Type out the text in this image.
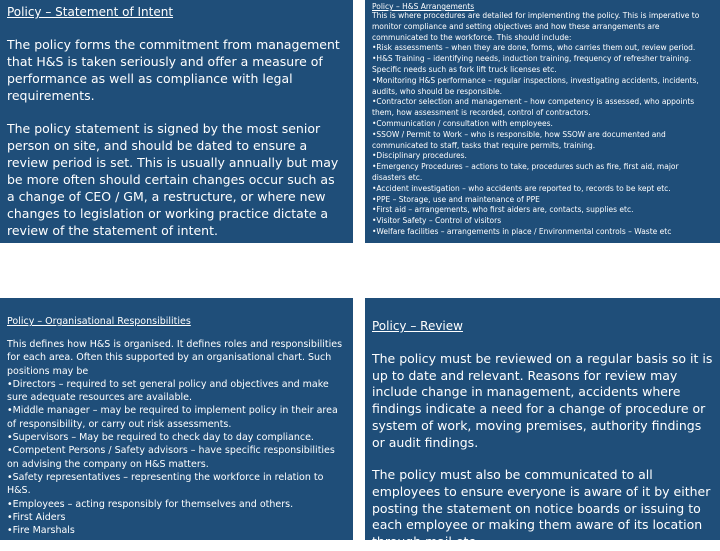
Policy – Statement of Intent

The policy forms the commitment from management that H&S is taken seriously and offer a measure of performance as well as compliance with legal requirements.

The policy statement is signed by the most senior person on site, and should be dated to ensure a review period is set. This is usually annually but may be more often should certain changes occur such as a change of CEO / GM, a restructure, or where new changes to legislation or working practice dictate a review of the statement of intent.

Policy – H&S Arrangements

This is where procedures are detailed for implementing the policy. This is imperative to monitor compliance and setting objectives and how these arrangements are communicated to the workforce. This should include:

•Risk assessments – when they are done, forms, who carries them out, review period.

•H&S Training – identifying needs, induction training, frequency of refresher training. Specific needs such as fork lift truck licenses etc.

•Monitoring H&S performance – regular inspections, investigating accidents, incidents, audits, who should be responsible.

•Contractor selection and management – how competency is assessed, who appoints them, how assessment is recorded, control of contractors.

•Communication / consultation with employees.

•SSOW / Permit to Work – who is responsible, how SSOW are documented and communicated to staff, tasks that require permits, training.

•Disciplinary procedures.

•Emergency Procedures – actions to take, procedures such as fire, first aid, major disasters etc.

•Accident investigation – who accidents are reported to, records to be kept etc.

•PPE – Storage, use and maintenance of PPE

•First aid – arrangements, who first aiders are, contacts, supplies etc.

•Visitor Safety – Control of visitors

•Welfare facilities – arrangements in place / Environmental controls – Waste etc

Policy – Organisational Responsibilities

This defines how H&S is organised. It defines roles and responsibilities for each area. Often this supported by an organisational chart. Such positions may be

•Directors – required to set general policy and objectives and make sure adequate resources are available.

•Middle manager – may be required to implement policy in their area of responsibility, or carry out risk assessments.

•Supervisors – May be required to check day to day compliance.

•Competent Persons / Safety advisors – have specific responsibilities on advising the company on H&S matters.

•Safety representatives – representing the workforce in relation to H&S.

•Employees – acting responsibly for themselves and others.

•First Aiders

•Fire Marshals

Policy – Review

The policy must be reviewed on a regular basis so it is up to date and relevant. Reasons for review may include change in management, accidents where findings indicate a need for a change of procedure or system of work, moving premises, authority findings or audit findings.

The policy must also be communicated to all employees to ensure everyone is aware of it by either posting the statement on notice boards or issuing to each employee or making them aware of its location through mail etc.
